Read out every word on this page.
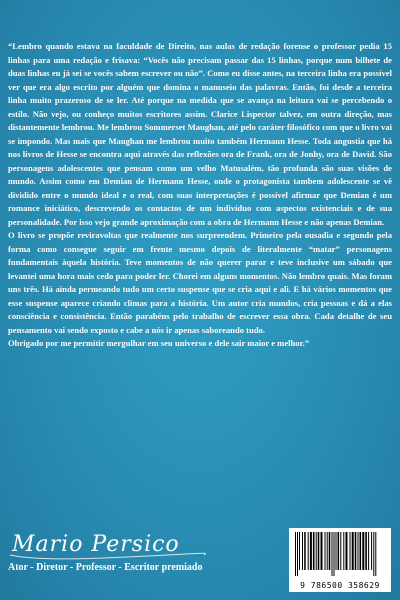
“Lembro quando estava na faculdade de Direito, nas aulas de redação forense o professor pedia 15 linhas para uma redação e frisava: “Vocês não precisam passar das 15 linhas, porque num bilhete de duas linhas eu já sei se vocês sabem escrever ou não”. Como eu disse antes, na terceira linha era possível ver que era algo escrito por alguém que domina o manuseio das palavras. Então, foi desde a terceira linha muito prazeroso de se ler. Até porque na medida que se avança na leitura vai se percebendo o estilo. Não vejo, ou conheço muitos escritores assim. Clarice Lispector talvez, em outra direção, mas distantemente lembrou. Me lembrou Sommerset Maughan, até pelo caráter filosófico com que o livro vai se impondo. Mas mais que Maughan me lembrou muito também Hermann Hesse. Toda angustia que há nos livros de Hesse se encontra aqui através das reflexões ora de Frank, ora de Jonhy, ora de David. São personagens adolescentes que pensam como um velho Matusalém, tão profunda são suas visões de mundo. Assim como em Demian de Hermann Hesse, onde o protagonista tambem adolescente se vê dividido entre o mundo ideal e o real, com suas interpretações é possível afirmar que Demian é um romance iniciático, descrevendo os contactos de um indivíduo com aspectos existenciais e de sua personalidade. Por isso vejo grande aproximação com a obra de Hermann Hesse e não apenas Demian.

O livro se propõe reviravoltas que realmente nos surpreendem. Primeiro pela ousadia e segundo pela forma como consegue seguir em frente mesmo depois de literalmente “matar” personagens fundamentais àquela história. Teve momentos de não querer parar e teve inclusive um sábado que levantei uma hora mais cedo para poder ler. Chorei em alguns momentos. Não lembro quais. Mas foram uns três. Há ainda permeando tudo um certo suspense que se cria aqui e ali. E há vários momentos que esse suspense aparece criando climas para a história. Um autor cria mundos, cria pessoas e dá a elas consciência e consistência. Então parabéns pelo trabalho de escrever essa obra. Cada detalhe de seu pensamento vai sendo exposto e cabe a nós ir apenas saboreando tudo.

Obrigado por me permitir mergulhar em seu universo e dele sair maior e melhor.”

Mario Persico
Ator - Diretor - Professor - Escritor premiado
9 786500 358629
